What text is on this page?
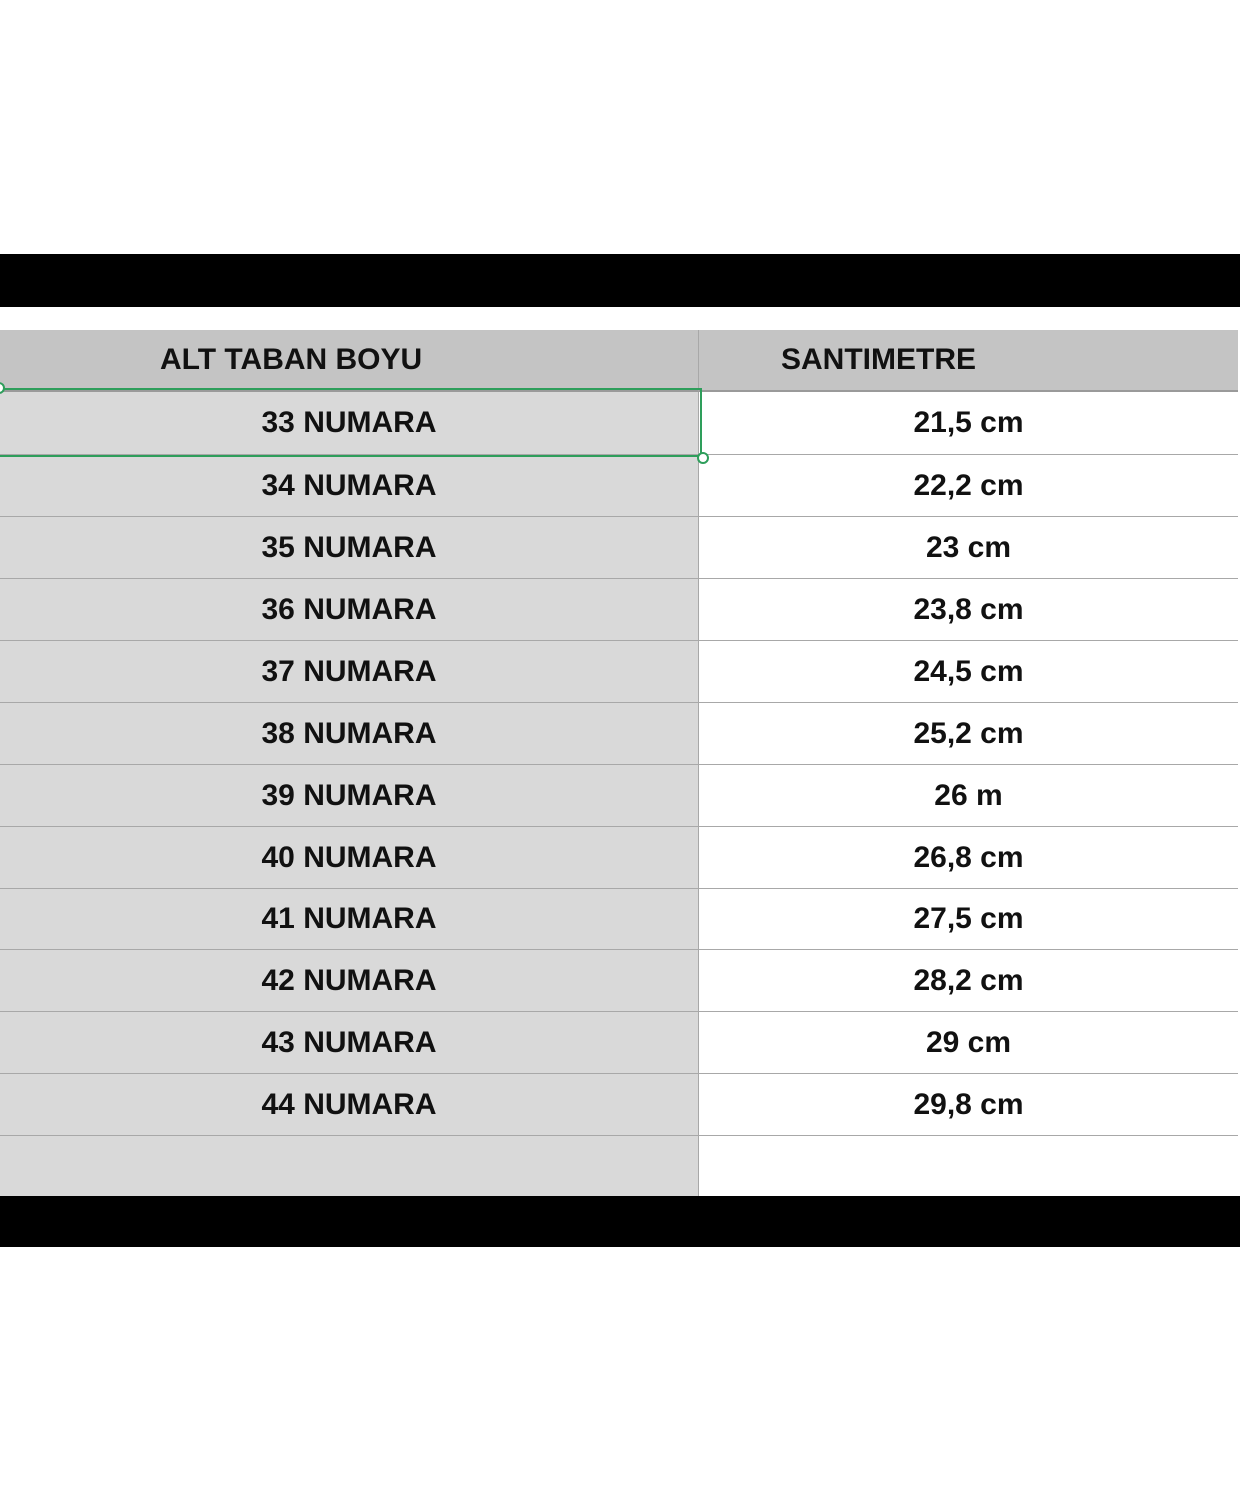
ALT TABAN BOYU	SANTIMETRE
33 NUMARA	21,5 cm
34 NUMARA	22,2 cm
35 NUMARA	23 cm
36 NUMARA	23,8 cm
37 NUMARA	24,5 cm
38 NUMARA	25,2 cm
39 NUMARA	26 m
40 NUMARA	26,8 cm
41 NUMARA	27,5 cm
42 NUMARA	28,2 cm
43 NUMARA	29 cm
44 NUMARA	29,8 cm
